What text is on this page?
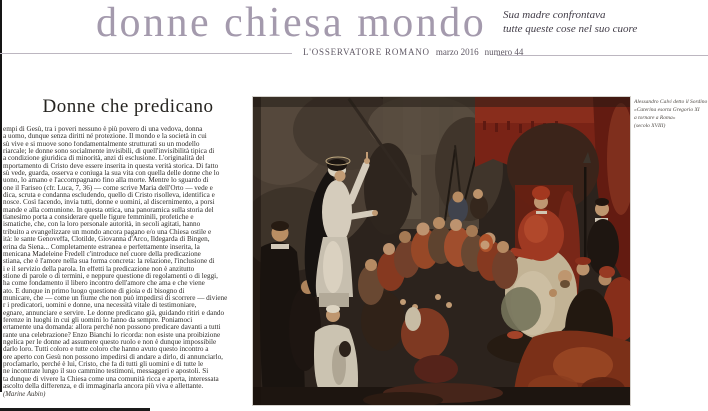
donne chiesa mondo
L'OSSERVATORE ROMANO marzo 2016 numero 44
Sua madre confrontava
tutte queste cose nel suo cuore
Donne che predicano
empi di Gesù, tra i poveri nessuno è più povero di una vedova, donna
a uomo, dunque senza diritti né protezione. Il mondo e la società in cui
sù vive e si muove sono fondamentalmente strutturati su un modello
riarcale; le donne sono socialmente invisibili, di quell'invisibilità tipica di
a condizione giuridica di minorità, anzi di esclusione. L'originalità del
mportamento di Cristo deve essere inserita in questa verità storica. Di fatto
sù vede, guarda, osserva e coniuga la sua vita con quella delle donne che lo
uono, lo amano e l'accompagnano fino alla morte. Mentre lo sguardo di
one il Fariseo (cfr. Luca, 7, 36) — come scrive Maria dell'Orto — vede e
dica, scruta e condanna escludendo, quello di Cristo risolleva, identifica e
nosce. Così facendo, invia tutti, donne e uomini, al discernimento, a porsi
mande e alla comunione. In questa ottica, una panoramica sulla storia del
tianesimo porta a considerare quelle figure femminili, profetiche e
ismatiche, che, con la loro personale autorità, in secoli agitati, hanno
tribuito a evangelizzare un mondo ancora pagano e/o una Chiesa ostile e
ità: le sante Genoveffa, Clotilde, Giovanna d'Arco, Ildegarda di Bingen,
erina da Siena... Completamente estranea e perfettamente inserita, la
menicana Madeleine Fredell c'introduce nel cuore della predicazione
stiana, che è l'amore nella sua forma concreta: la relazione, l'inclusione di
i e il servizio della parola. In effetti la predicazione non è anzitutto
stione di parole o di termini, e neppure questione di regolamenti o di leggi,
ha come fondamento il libero incontro dell'amore che ama e che viene
ato. È dunque in primo luogo questione di gioia e di bisogno di
municare, che — come un fiume che non può impedirsi di scorrere — diviene
r i predicatori, uomini e donne, una necessità vitale di testimoniare,
egnare, annunciare e servire. Le donne predicano già, guidando ritiri e dando
ferenze in luoghi in cui gli uomini lo fanno da sempre. Poniamoci
ertamente una domanda: allora perché non possono predicare davanti a tutti
rante una celebrazione? Enzo Bianchi lo ricorda: non esiste una proibizione
ngelica per le donne ad assumere questo ruolo e non è dunque impossibile
darlo loro. Tutti coloro e tutte coloro che hanno avuto questo incontro a
ore aperto con Gesù non possono impedirsi di andare a dirlo, di annunciarlo,
proclamarlo, perché è lui, Cristo, che fa di tutti gli uomini e di tutte le
ne incontrate lungo il suo cammino testimoni, messaggeri e apostoli. Si
ta dunque di vivere la Chiesa come una comunità ricca e aperta, interessata
ascolto della differenza, e di immaginarla ancora più viva e allettante.
(Marine Aubin)
Alessandro Calvi detto il Sordino
«Caterina esorta Gregorio XI
a tornare a Roma»
(secolo XVIII)
